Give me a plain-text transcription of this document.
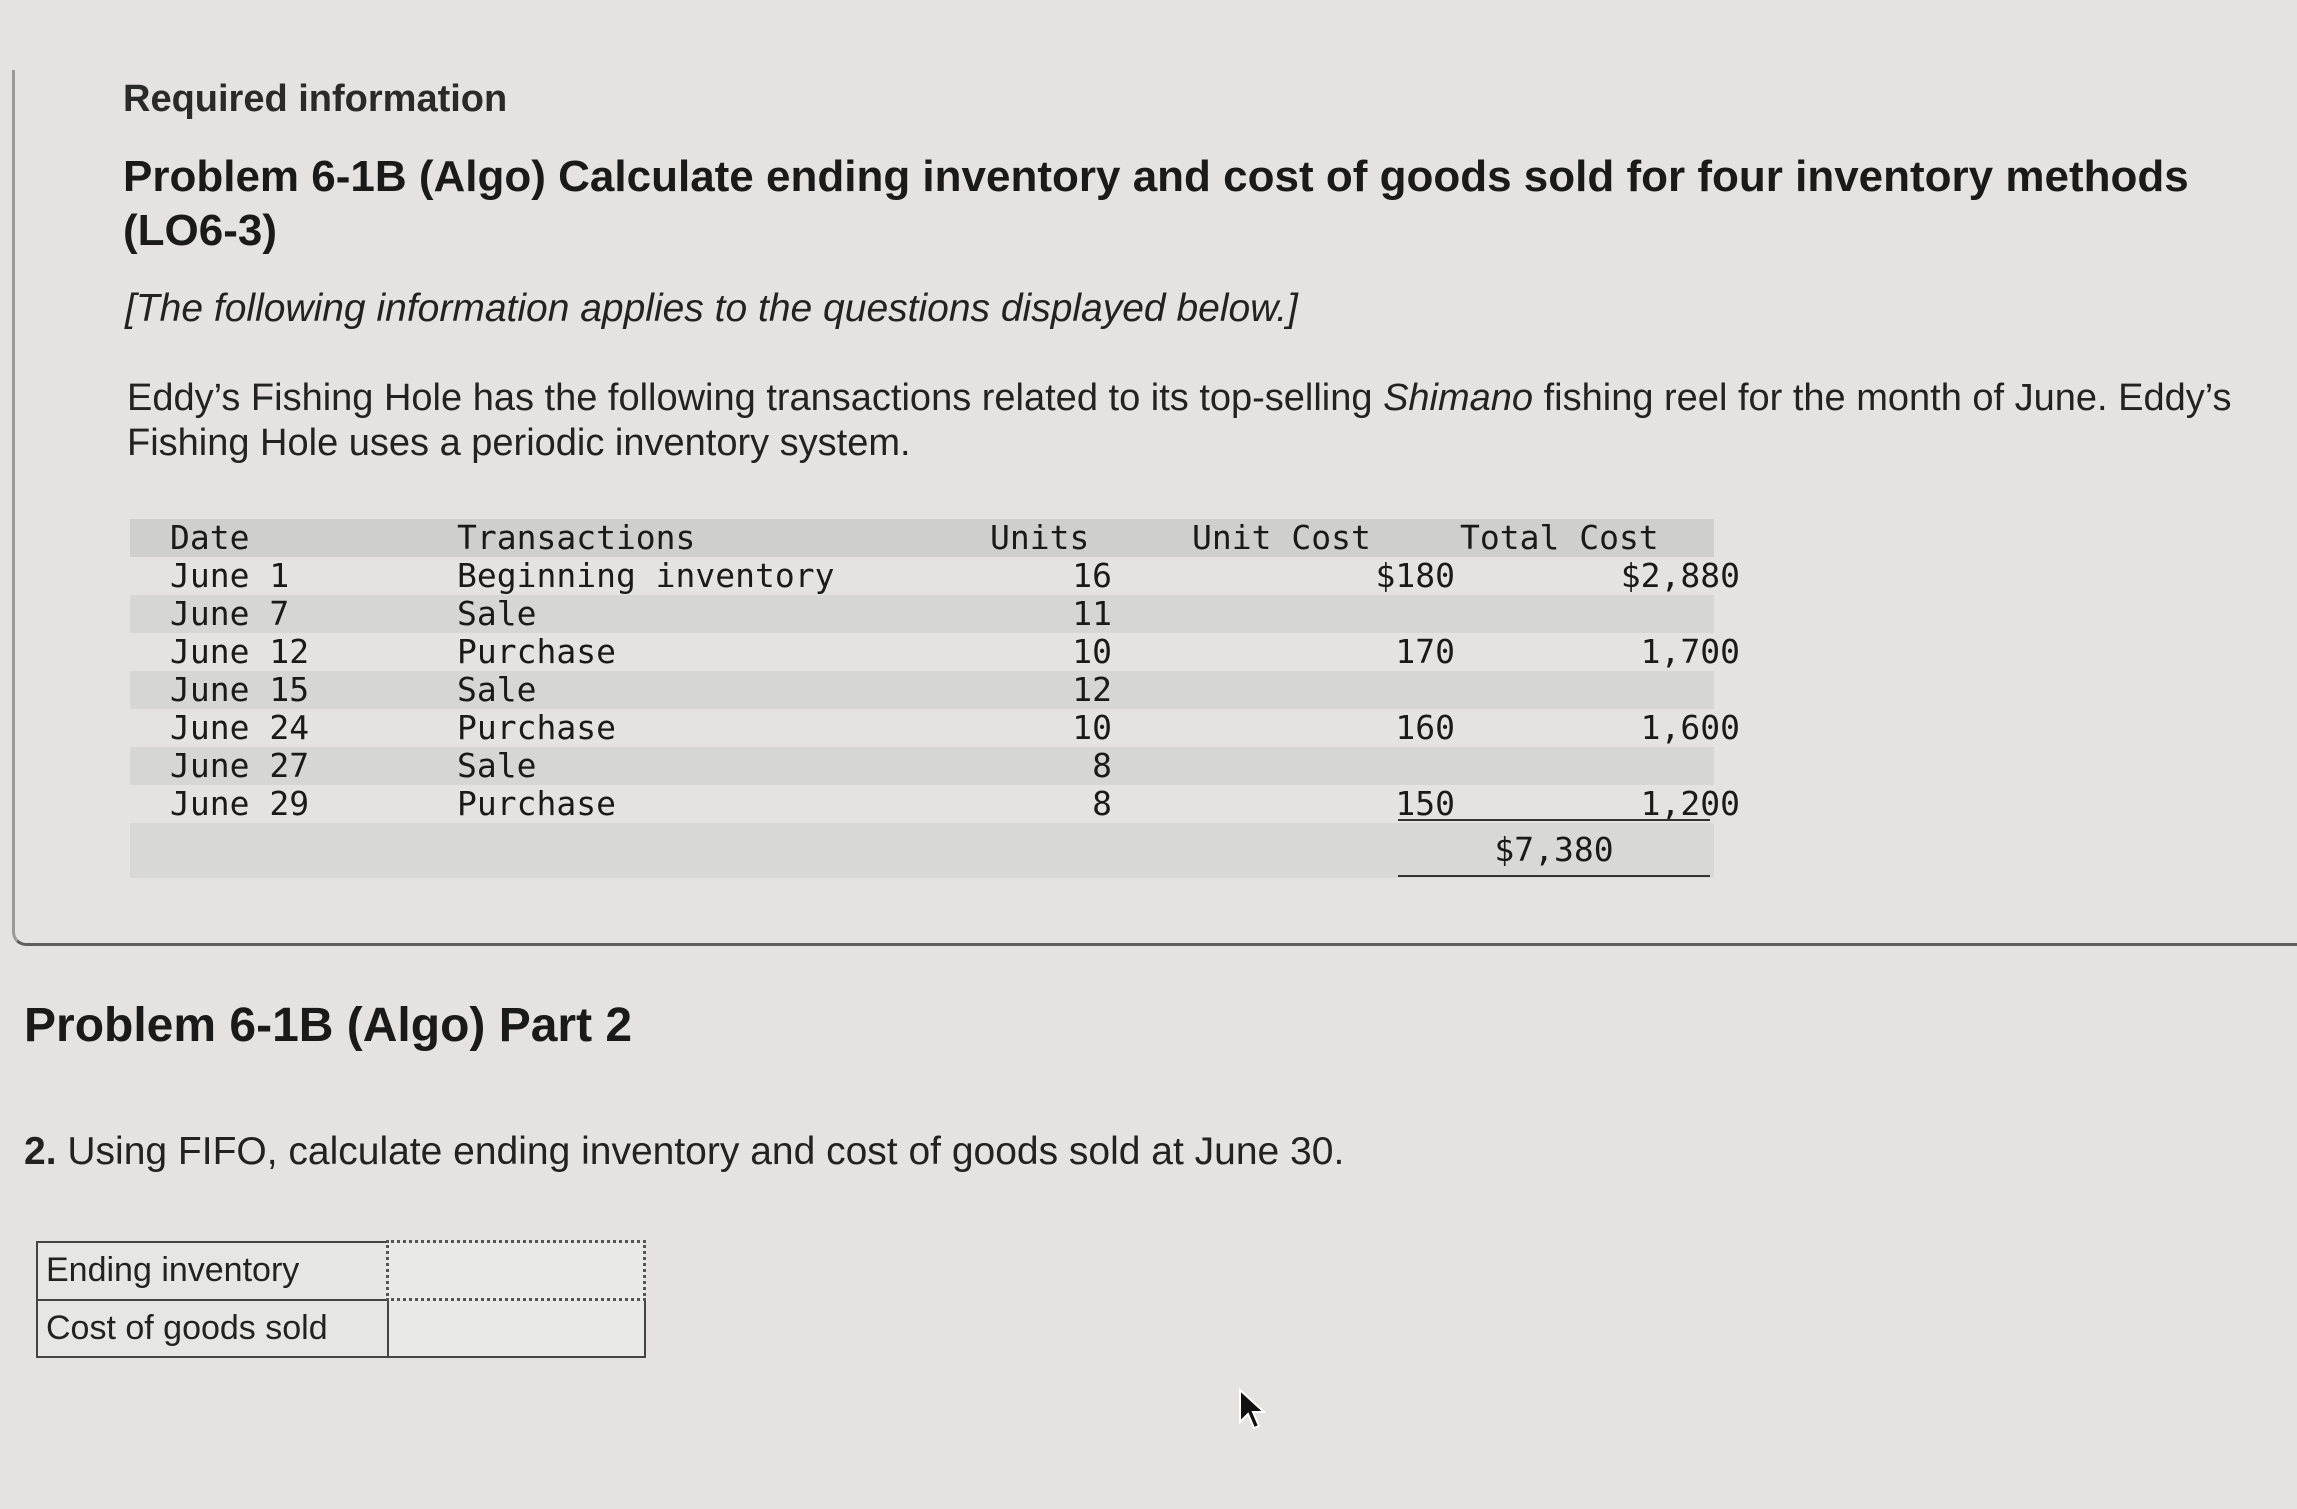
Required information
Problem 6-1B (Algo) Calculate ending inventory and cost of goods sold for four inventory methods (LO6-3)
[The following information applies to the questions displayed below.]
Eddy’s Fishing Hole has the following transactions related to its top-selling Shimano fishing reel for the month of June. Eddy’s Fishing Hole uses a periodic inventory system.
Date	Transactions	Units	Unit Cost	Total Cost
June 1	Beginning inventory	16	$180	$2,880
June 7	Sale	11
June 12	Purchase	10	170	1,700
June 15	Sale	12
June 24	Purchase	10	160	1,600
June 27	Sale	8
June 29	Purchase	8	150	1,200
$7,380
Problem 6-1B (Algo) Part 2
2. Using FIFO, calculate ending inventory and cost of goods sold at June 30.
Ending inventory	
Cost of goods sold	
